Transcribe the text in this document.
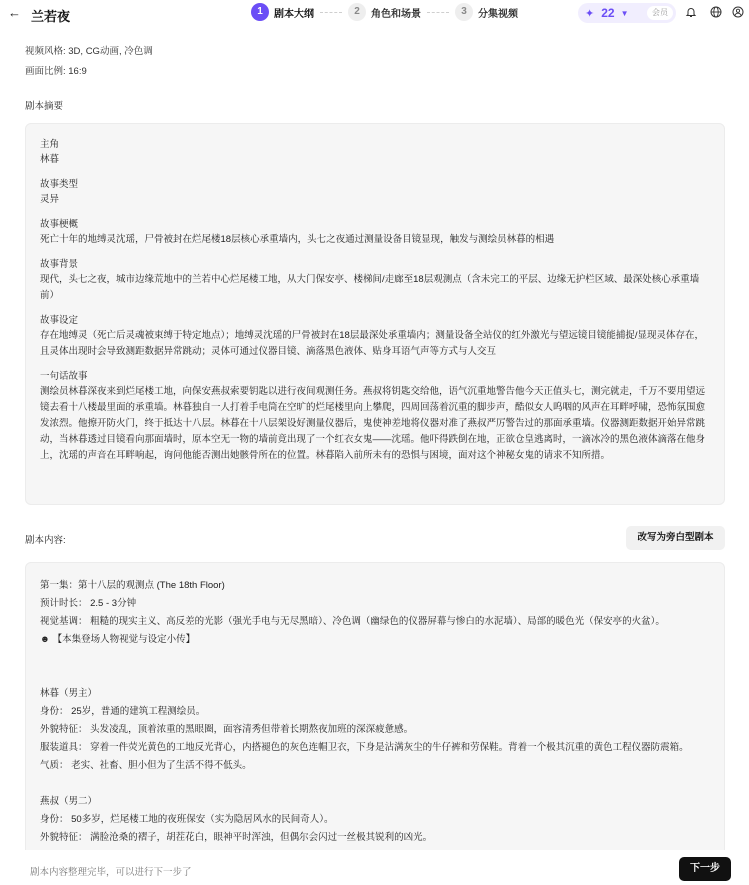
← 兰若夜	1	剧本大纲	2	角色和场景	3	分集视频	✦ 22 ▼	会员
视频风格: 3D, CG动画, 冷色调
画面比例: 16:9
剧本摘要
主角
林暮
故事类型
灵异
故事梗概
死亡十年的地缚灵沈瑶，尸骨被封在烂尾楼18层核心承重墙内，头七之夜通过测量设备目镜显现，触发与测绘员林暮的相遇
故事背景
现代，头七之夜，城市边缘荒地中的兰若中心烂尾楼工地，从大门保安亭、楼梯间/走廊至18层观测点（含未完工的平层、边缘无护栏区域、最深处核心承重墙前）
故事设定
存在地缚灵（死亡后灵魂被束缚于特定地点）；地缚灵沈瑶的尸骨被封在18层最深处承重墙内；测量设备全站仪的红外激光与望远镜目镜能捕捉/显现灵体存在，且灵体出现时会导致测距数据异常跳动；灵体可通过仪器目镜、滴落黑色液体、贴身耳语气声等方式与人交互
一句话故事
测绘员林暮深夜来到烂尾楼工地，向保安燕叔索要钥匙以进行夜间观测任务。燕叔将钥匙交给他，语气沉重地警告他今天正值头七，测完就走，千万不要用望远镜去看十八楼最里面的承重墙。林暮独自一人打着手电筒在空旷的烂尾楼里向上攀爬，四周回荡着沉重的脚步声，酷似女人呜咽的风声在耳畔呼啸，恐怖氛围愈发浓烈。他擦开防火门，终于抵达十八层。林暮在十八层架设好测量仪器后，鬼使神差地将仪器对准了燕叔严厉警告过的那面承重墙。仪器测距数据开始异常跳动，当林暮透过目镜看向那面墙时，原本空无一物的墙前竟出现了一个红衣女鬼——沈瑶。他吓得跌倒在地，正欲仓皇逃离时，一滴冰冷的黑色液体滴落在他身上，沈瑶的声音在耳畔响起，询问他能否测出她骸骨所在的位置。林暮陷入前所未有的恐惧与困境，面对这个神秘女鬼的请求不知所措。
剧本内容:	改写为旁白型剧本
第一集：第十八层的观测点 (The 18th Floor)
预计时长： 2.5 - 3分钟
视觉基调： 粗糙的现实主义、高反差的光影（强光手电与无尽黑暗）、冷色调（幽绿色的仪器屏幕与惨白的水泥墙）、局部的暖色光（保安亭的火盆）。
☻ 【本集登场人物视觉与设定小传】
林暮（男主）
身份： 25岁，普通的建筑工程测绘员。
外貌特征： 头发凌乱，顶着浓重的黑眼圈，面容清秀但带着长期熬夜加班的深深疲惫感。
服装道具： 穿着一件荧光黄色的工地反光背心，内搭褪色的灰色连帽卫衣，下身是沾满灰尘的牛仔裤和劳保鞋。背着一个极其沉重的黄色工程仪器防震箱。
气质： 老实、社畜、胆小但为了生活不得不低头。
燕叔（男二）
身份： 50多岁，烂尾楼工地的夜班保安（实为隐居风水的民间奇人）。
外貌特征： 满脸沧桑的褶子，胡茬花白，眼神平时浑浊，但偶尔会闪过一丝极其锐利的凶光。
剧本内容整理完毕，可以进行下一步了	下一步
